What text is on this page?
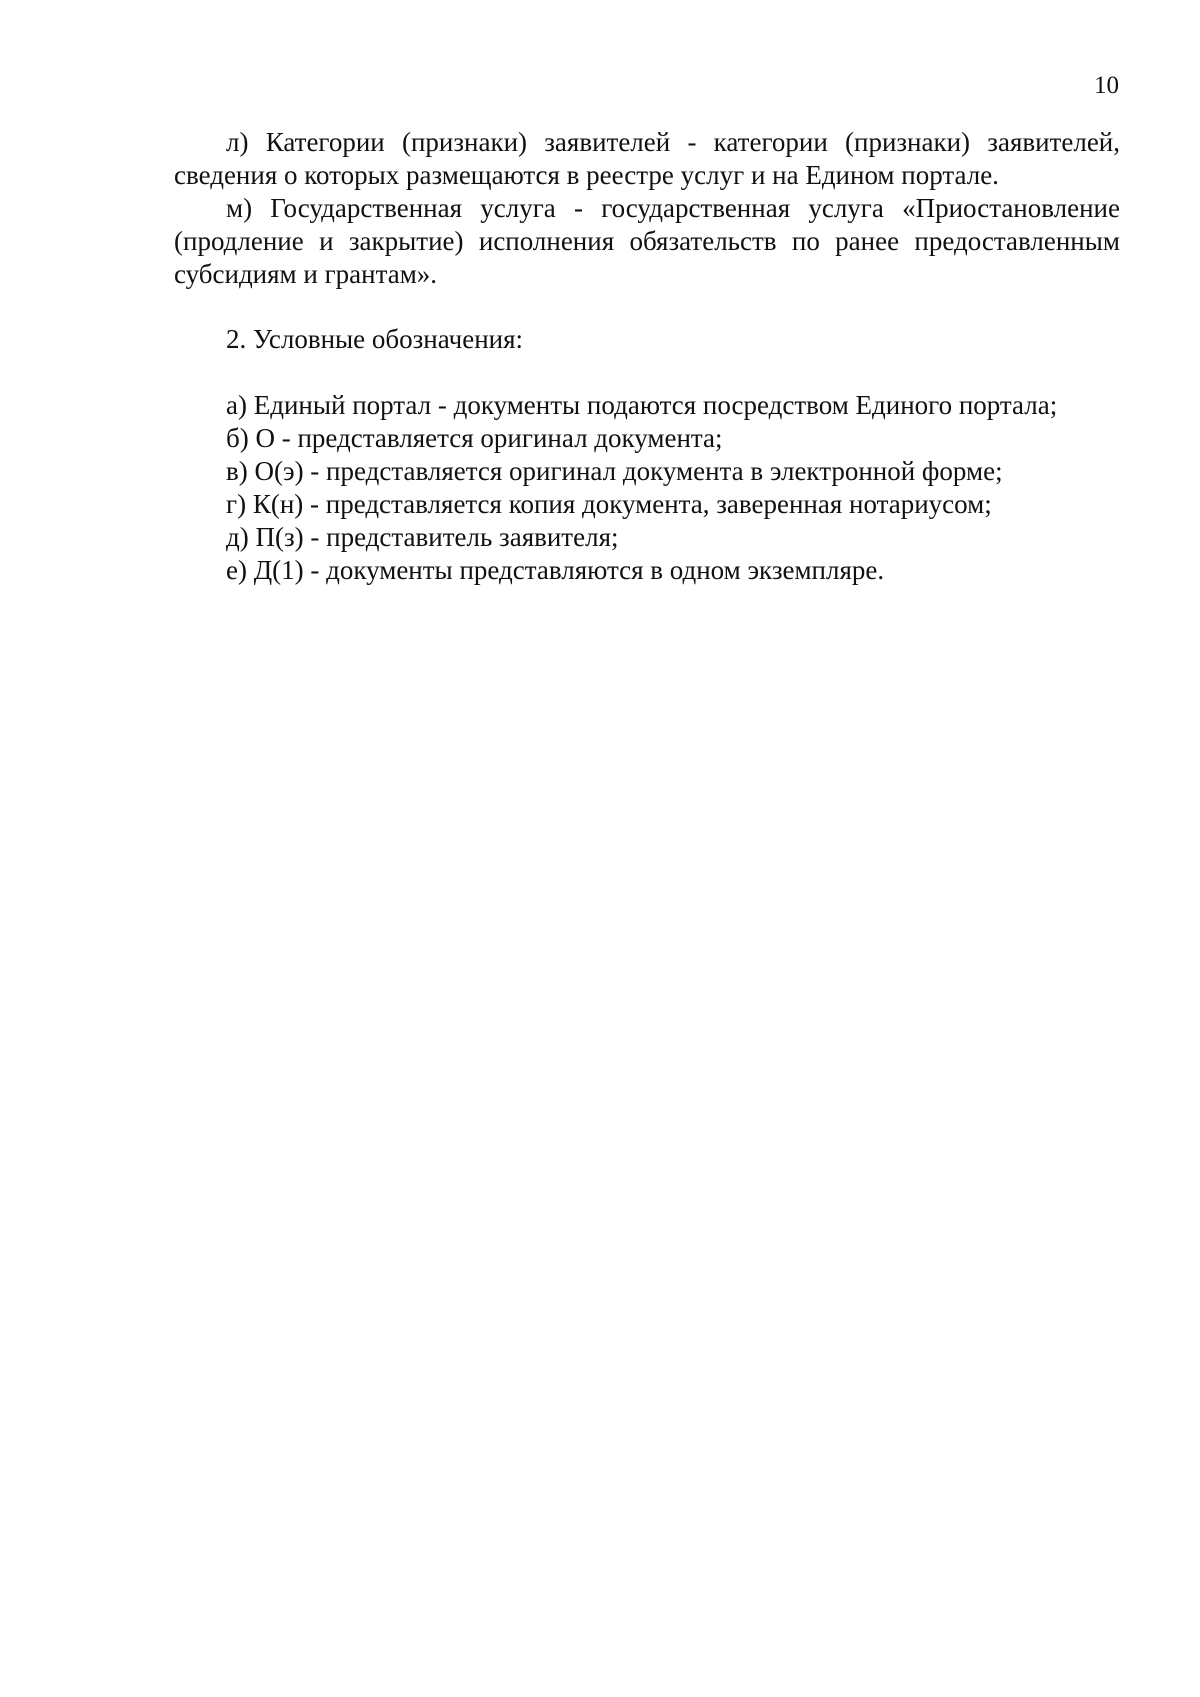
10

л) Категории (признаки) заявителей - категории (признаки) заявителей, сведения о которых размещаются в реестре услуг и на Едином портале.

м) Государственная услуга - государственная услуга «Приостановление (продление и закрытие) исполнения обязательств по ранее предоставленным субсидиям и грантам».

2. Условные обозначения:

а) Единый портал - документы подаются посредством Единого портала;
б) О - представляется оригинал документа;
в) О(э) - представляется оригинал документа в электронной форме;
г) К(н) - представляется копия документа, заверенная нотариусом;
д) П(з) - представитель заявителя;
е) Д(1) - документы представляются в одном экземпляре.
